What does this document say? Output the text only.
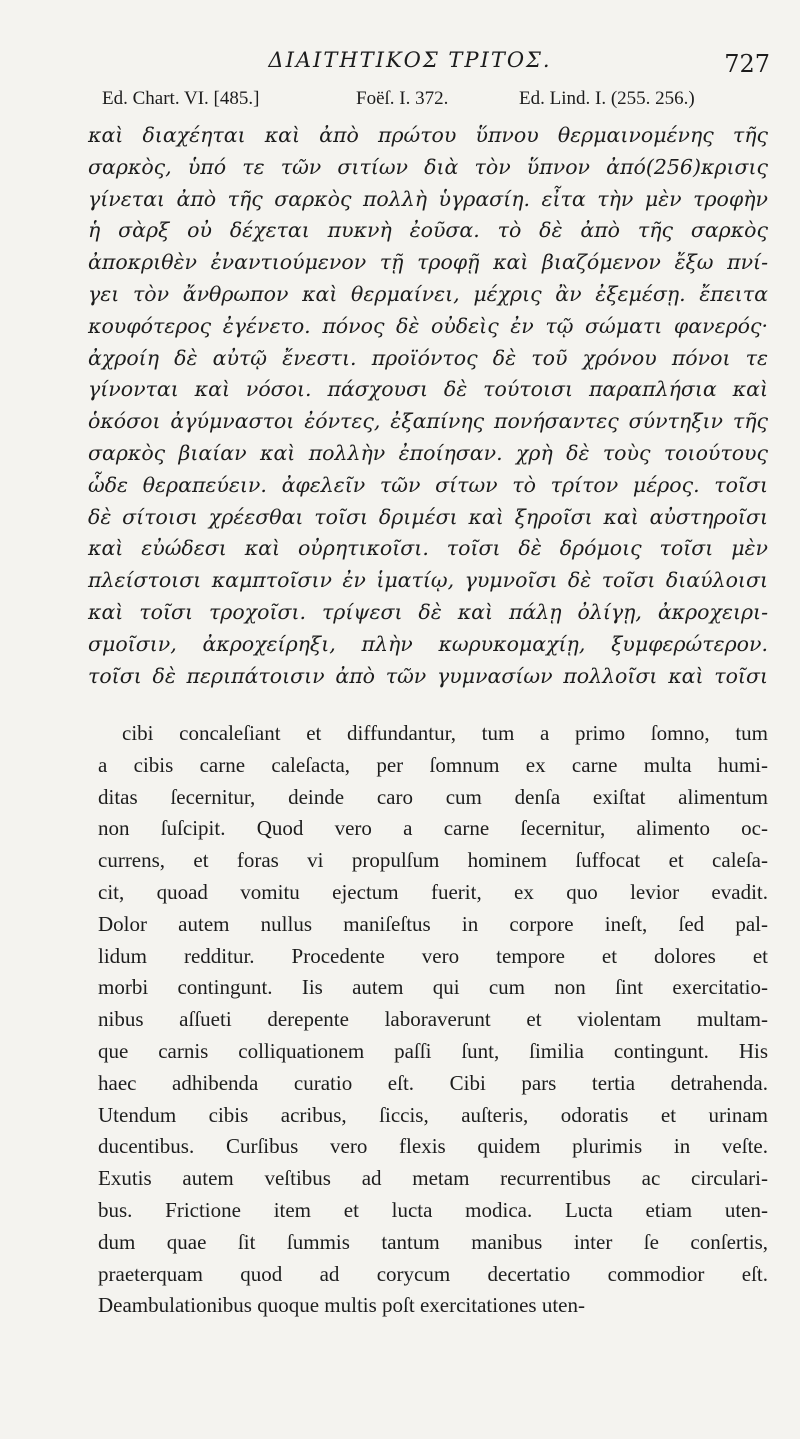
ΔΙΑΙΤΗΤΙΚΟΣ ΤΡΙΤΟΣ.	727
Ed. Chart. VI. [485.]	Foëſ. I. 372.	Ed. Lind. I. (255. 256.)
καὶ διαχέηται καὶ ἀπὸ πρώτου ὕπνου θερμαινομένης τῆς
σαρκὸς, ὑπό τε τῶν σιτίων διὰ τὸν ὕπνον ἀπό(256)κρισις
γίνεται ἀπὸ τῆς σαρκὸς πολλὴ ὑγρασίη. εἶτα τὴν μὲν τροφὴν
ἡ σὰρξ οὐ δέχεται πυκνὴ ἐοῦσα. τὸ δὲ ἀπὸ τῆς σαρκὸς
ἀποκριθὲν ἐναντιούμενον τῇ τροφῇ καὶ βιαζόμενον ἔξω πνί-
γει τὸν ἄνθρωπον καὶ θερμαίνει, μέχρις ἂν ἐξεμέσῃ. ἔπειτα
κουφότερος ἐγένετο. πόνος δὲ οὐδεὶς ἐν τῷ σώματι φανερός·
ἀχροίη δὲ αὐτῷ ἔνεστι. προϊόντος δὲ τοῦ χρόνου πόνοι τε
γίνονται καὶ νόσοι. πάσχουσι δὲ τούτοισι παραπλήσια καὶ
ὁκόσοι ἀγύμναστοι ἐόντες, ἐξαπίνης πονήσαντες σύντηξιν τῆς
σαρκὸς βιαίαν καὶ πολλὴν ἐποίησαν. χρὴ δὲ τοὺς τοιούτους
ὧδε θεραπεύειν. ἀφελεῖν τῶν σίτων τὸ τρίτον μέρος. τοῖσι
δὲ σίτοισι χρέεσθαι τοῖσι δριμέσι καὶ ξηροῖσι καὶ αὐστηροῖσι
καὶ εὐώδεσι καὶ οὐρητικοῖσι. τοῖσι δὲ δρόμοις τοῖσι μὲν
πλείστοισι καμπτοῖσιν ἐν ἱματίῳ, γυμνοῖσι δὲ τοῖσι διαύλοισι
καὶ τοῖσι τροχοῖσι. τρίψεσι δὲ καὶ πάλῃ ὀλίγῃ, ἀκροχειρι-
σμοῖσιν, ἀκροχείρηξι, πλὴν κωρυκομαχίῃ, ξυμφερώτερον.
τοῖσι δὲ περιπάτοισιν ἀπὸ τῶν γυμνασίων πολλοῖσι καὶ τοῖσι
cibi concaleſiant et diffundantur, tum a primo ſomno, tum
a cibis carne caleſacta, per ſomnum ex carne multa humi-
ditas ſecernitur, deinde caro cum denſa exiſtat alimentum
non ſuſcipit. Quod vero a carne ſecernitur, alimento oc-
currens, et foras vi propulſum hominem ſuffocat et caleſa-
cit, quoad vomitu ejectum fuerit, ex quo levior evadit.
Dolor autem nullus maniſeſtus in corpore ineſt, ſed pal-
lidum redditur. Procedente vero tempore et dolores et
morbi contingunt. Iis autem qui cum non ſint exercitatio-
nibus aſſueti derepente laboraverunt et violentam multam-
que carnis colliquationem paſſi ſunt, ſimilia contingunt. His
haec adhibenda curatio eſt. Cibi pars tertia detrahenda.
Utendum cibis acribus, ſiccis, auſteris, odoratis et urinam
ducentibus. Curſibus vero flexis quidem plurimis in veſte.
Exutis autem veſtibus ad metam recurrentibus ac circulari-
bus. Frictione item et lucta modica. Lucta etiam uten-
dum quae ſit ſummis tantum manibus inter ſe conſertis,
praeterquam quod ad corycum decertatio commodior eſt.
Deambulationibus quoque multis poſt exercitationes uten-
